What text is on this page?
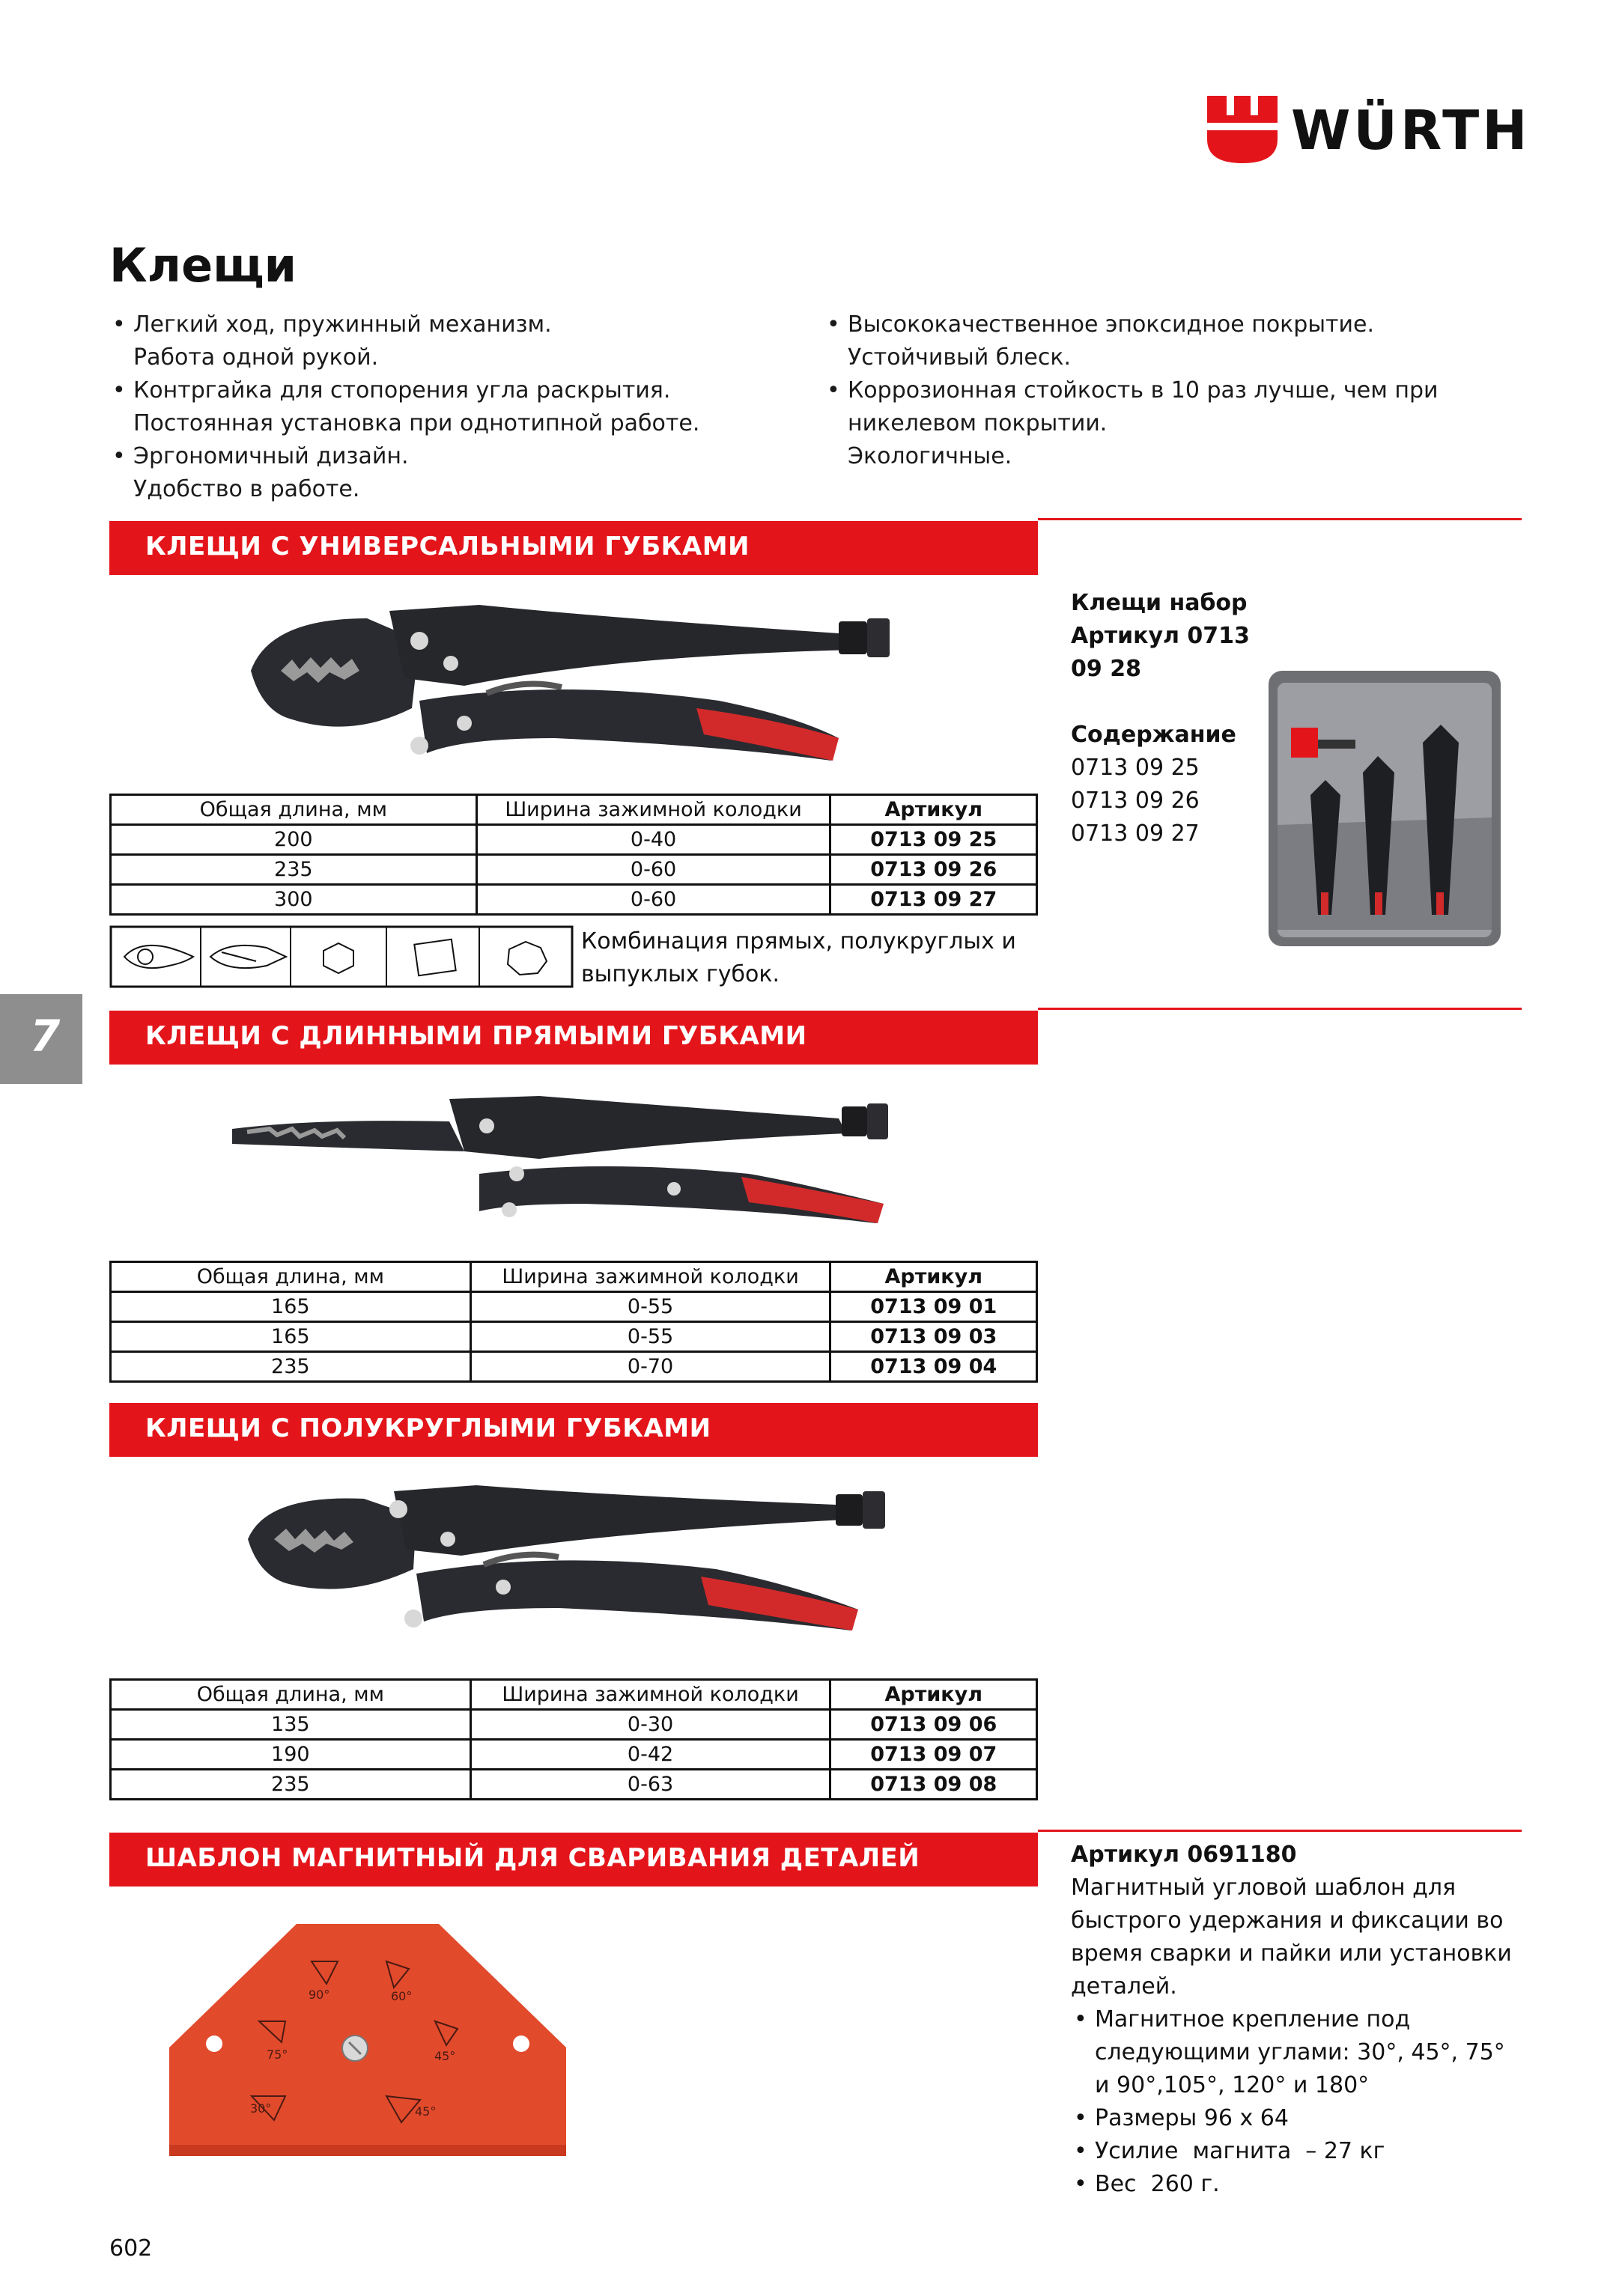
WÜRTH
Клещи
• Легкий ход, пружинный механизм.
Работа одной рукой.
• Контргайка для стопорения угла раскрытия.
Постоянная установка при однотипной работе.
• Эргономичный дизайн.
Удобство в работе.
• Высококачественное эпоксидное покрытие.
Устойчивый блеск.
• Коррозионная стойкость в 10 раз лучше, чем при
никелевом покрытии.
Экологичные.
7
КЛЕЩИ С УНИВЕРСАЛЬНЫМИ ГУБКАМИ
Общая длина, мм	Ширина зажимной колодки	Артикул
200	0-40	0713 09 25
235	0-60	0713 09 26
300	0-60	0713 09 27
Комбинация прямых, полукруглых и
выпуклых губок.
Клещи набор
Артикул 0713 09 28
Содержание
0713 09 25
0713 09 26
0713 09 27
КЛЕЩИ С ДЛИННЫМИ ПРЯМЫМИ ГУБКАМИ
Общая длина, мм	Ширина зажимной колодки	Артикул
165	0-55	0713 09 01
165	0-55	0713 09 03
235	0-70	0713 09 04
КЛЕЩИ С ПОЛУКРУГЛЫМИ ГУБКАМИ
Общая длина, мм	Ширина зажимной колодки	Артикул
135	0-30	0713 09 06
190	0-42	0713 09 07
235	0-63	0713 09 08
ШАБЛОН МАГНИТНЫЙ ДЛЯ СВАРИВАНИЯ ДЕТАЛЕЙ
90°	60°
75°	45°
30°	45°
Артикул 0691180
Магнитный угловой шаблон для
быстрого удержания и фиксации во
время сварки и пайки или установки
деталей.
• Магнитное крепление под
следующими углами: 30°, 45°, 75°
и 90°,105°, 120° и 180°
• Размеры 96 x 64
• Усилие  магнита  – 27 кг
• Вес  260 г.
602
